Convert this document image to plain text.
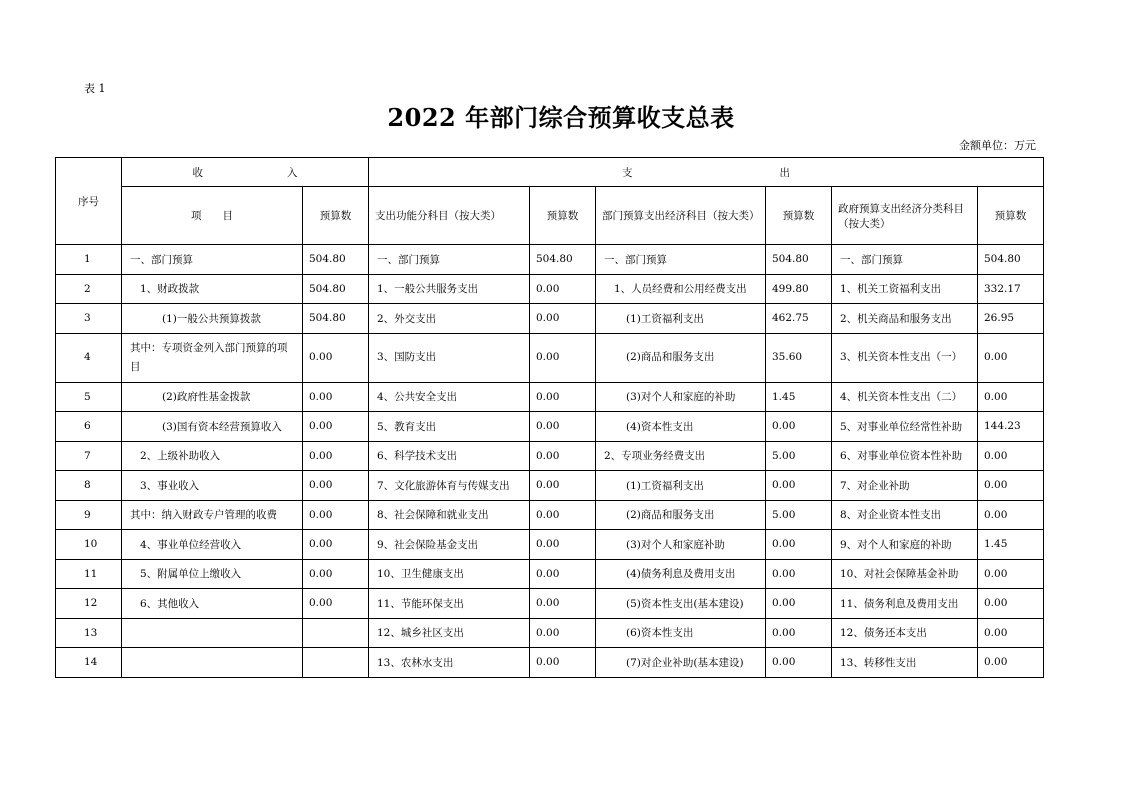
表 1
2022 年部门综合预算收支总表
金额单位：万元
序号	收　　　　　　　　入		支　　　　　　　　　　　　　　出					
	项　　目	预算数	支出功能分科目（按大类）	预算数	部门预算支出经济科目（按大类）	预算数	政府预算支出经济分类科目（按大类）	预算数
1	一、部门预算	504.80	一、部门预算	504.80	一、部门预算	504.80	一、部门预算	504.80
2	1、财政拨款	504.80	1、一般公共服务支出	0.00	1、人员经费和公用经费支出	499.80	1、机关工资福利支出	332.17
3	(1)一般公共预算拨款	504.80	2、外交支出	0.00	(1)工资福利支出	462.75	2、机关商品和服务支出	26.95
4	其中：专项资金列入部门预算的项目	0.00	3、国防支出	0.00	(2)商品和服务支出	35.60	3、机关资本性支出（一）	0.00
5	(2)政府性基金拨款	0.00	4、公共安全支出	0.00	(3)对个人和家庭的补助	1.45	4、机关资本性支出（二）	0.00
6	(3)国有资本经营预算收入	0.00	5、教育支出	0.00	(4)资本性支出	0.00	5、对事业单位经常性补助	144.23
7	2、上级补助收入	0.00	6、科学技术支出	0.00	2、专项业务经费支出	5.00	6、对事业单位资本性补助	0.00
8	3、事业收入	0.00	7、文化旅游体育与传媒支出	0.00	(1)工资福利支出	0.00	7、对企业补助	0.00
9	其中：纳入财政专户管理的收费	0.00	8、社会保障和就业支出	0.00	(2)商品和服务支出	5.00	8、对企业资本性支出	0.00
10	4、事业单位经营收入	0.00	9、社会保险基金支出	0.00	(3)对个人和家庭补助	0.00	9、对个人和家庭的补助	1.45
11	5、附属单位上缴收入	0.00	10、卫生健康支出	0.00	(4)债务利息及费用支出	0.00	10、对社会保障基金补助	0.00
12	6、其他收入	0.00	11、节能环保支出	0.00	(5)资本性支出(基本建设)	0.00	11、债务利息及费用支出	0.00
13			12、城乡社区支出	0.00	(6)资本性支出	0.00	12、债务还本支出	0.00
14			13、农林水支出	0.00	(7)对企业补助(基本建设)	0.00	13、转移性支出	0.00
